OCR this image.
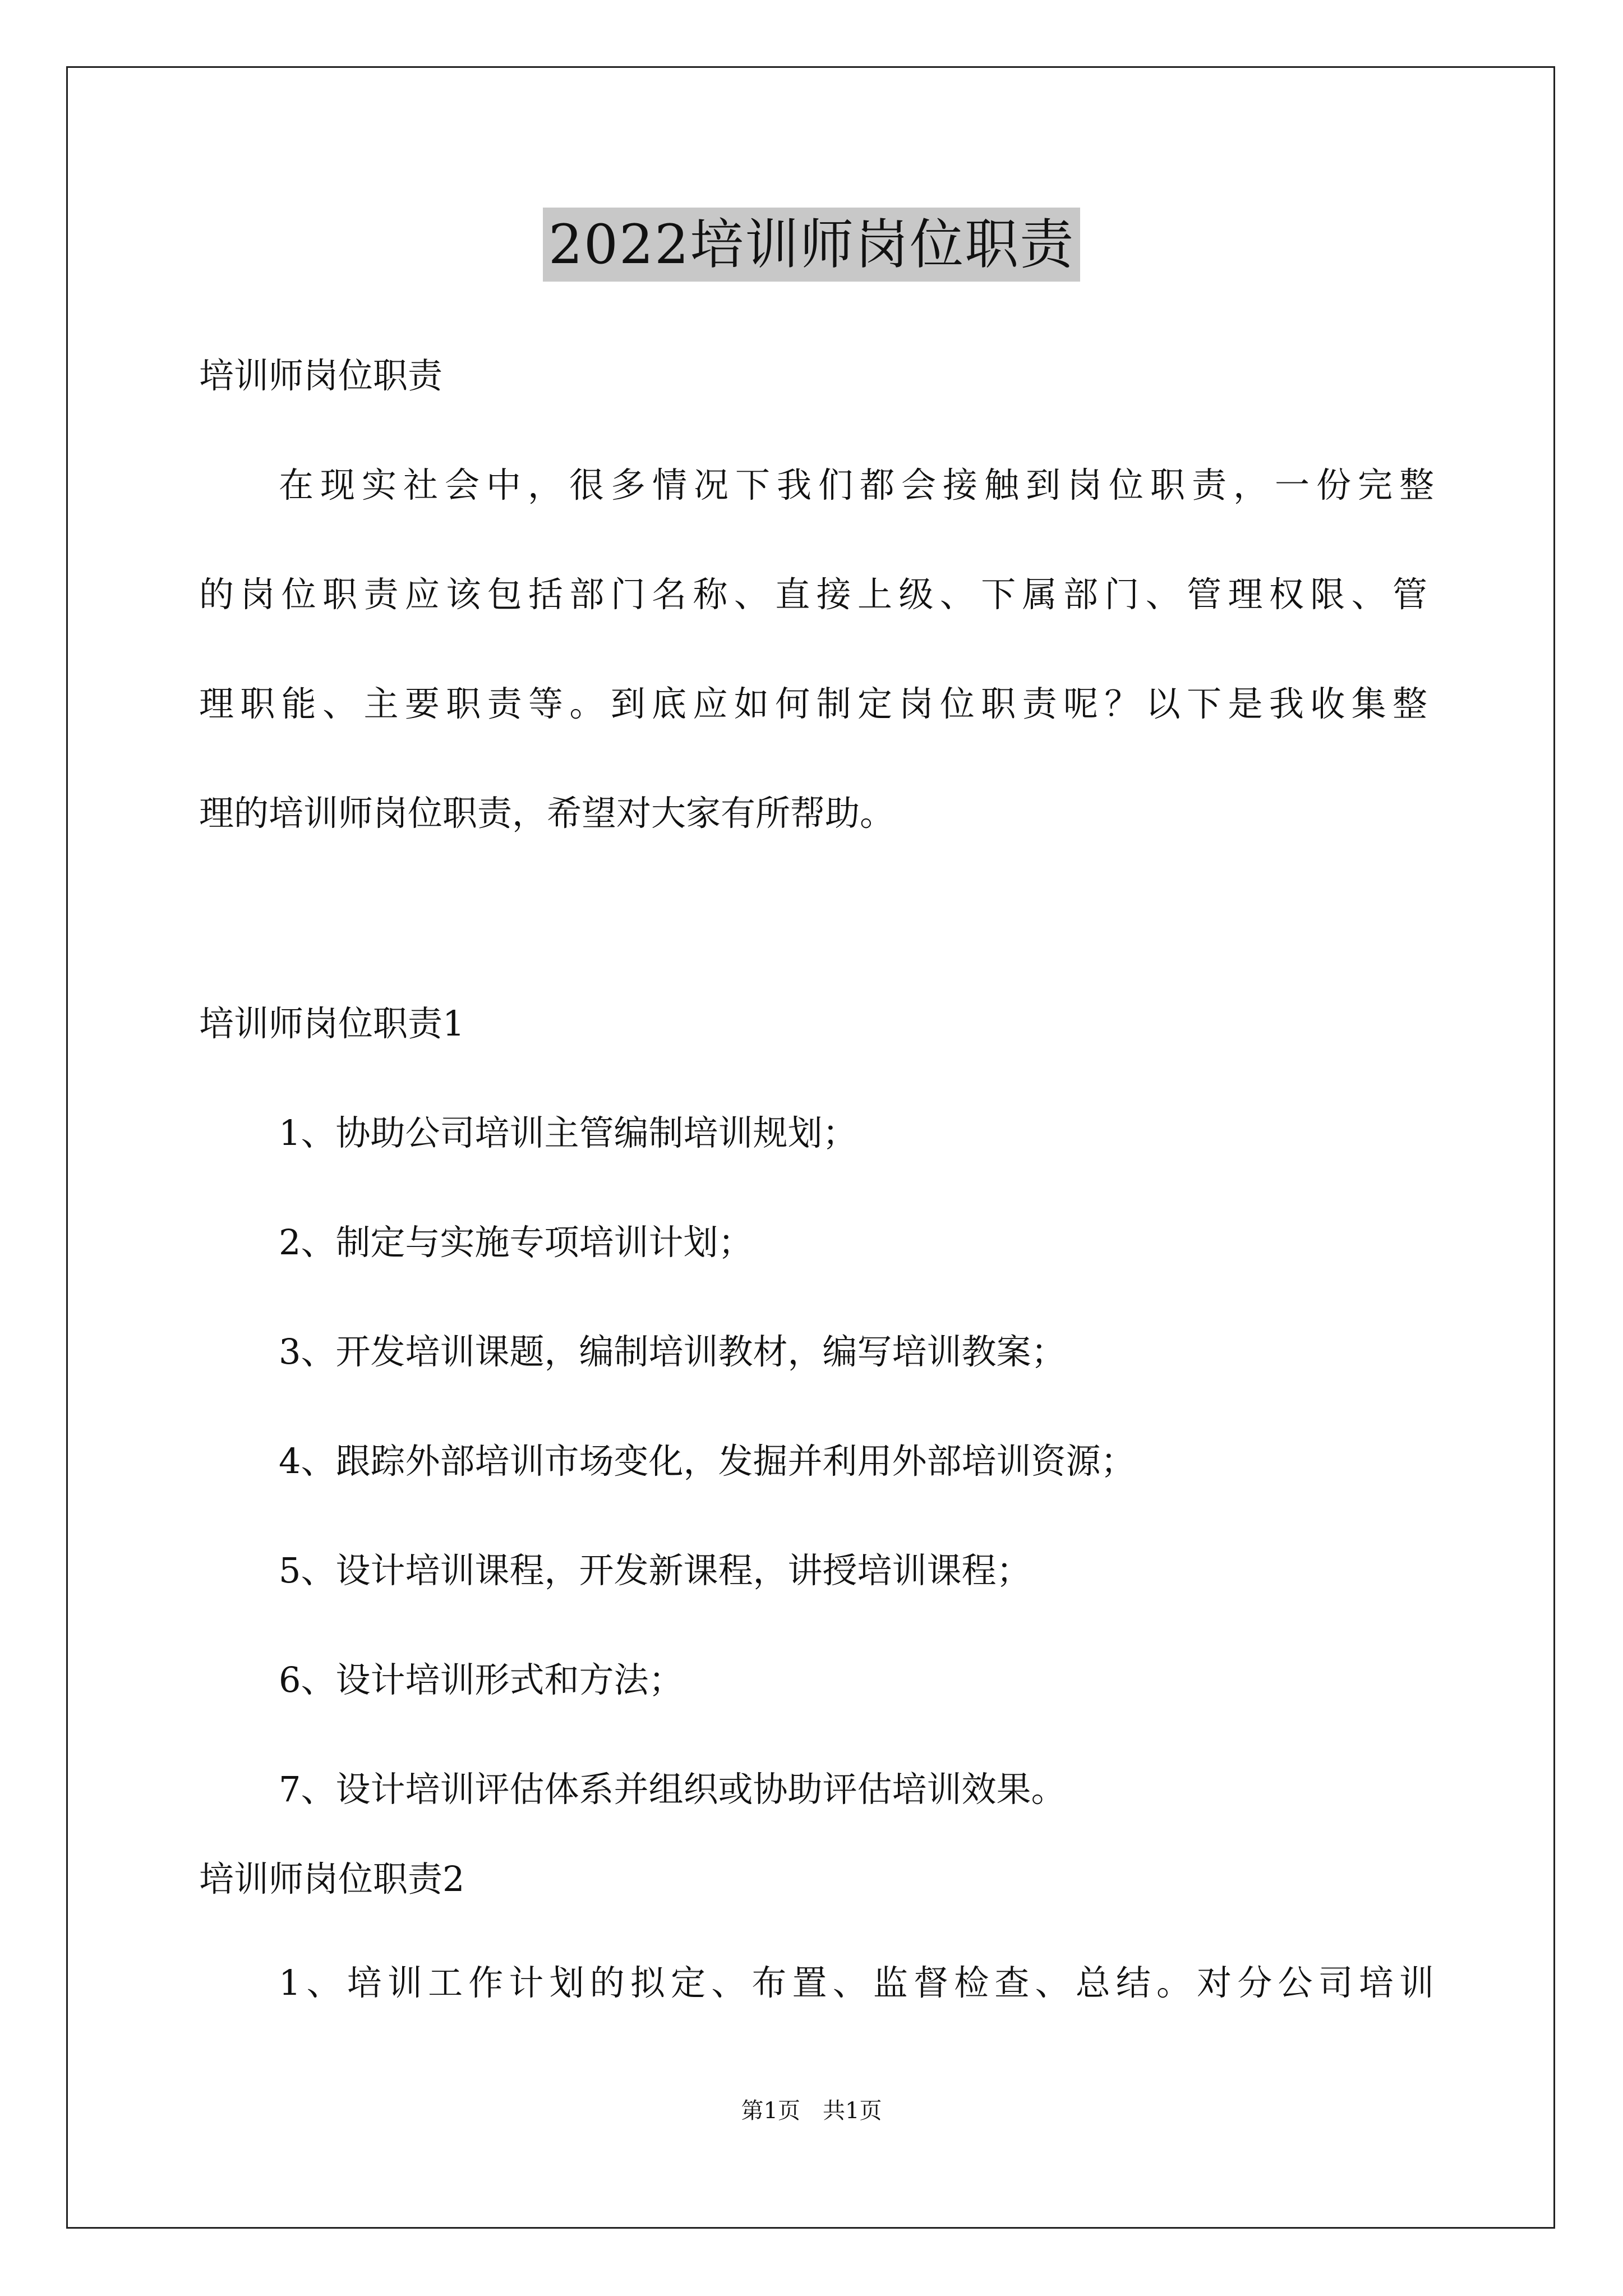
2022培训师岗位职责
培训师岗位职责
在现实社会中，很多情况下我们都会接触到岗位职责，一份完整
的岗位职责应该包括部门名称、直接上级、下属部门、管理权限、管
理职能、主要职责等。到底应如何制定岗位职责呢？以下是我收集整
理的培训师岗位职责，希望对大家有所帮助。
培训师岗位职责1
1、协助公司培训主管编制培训规划；
2、制定与实施专项培训计划；
3、开发培训课题，编制培训教材，编写培训教案；
4、跟踪外部培训市场变化，发掘并利用外部培训资源；
5、设计培训课程，开发新课程，讲授培训课程；
6、设计培训形式和方法；
7、设计培训评估体系并组织或协助评估培训效果。
培训师岗位职责2
1、培训工作计划的拟定、布置、监督检查、总结。对分公司培训
第1页　共1页
